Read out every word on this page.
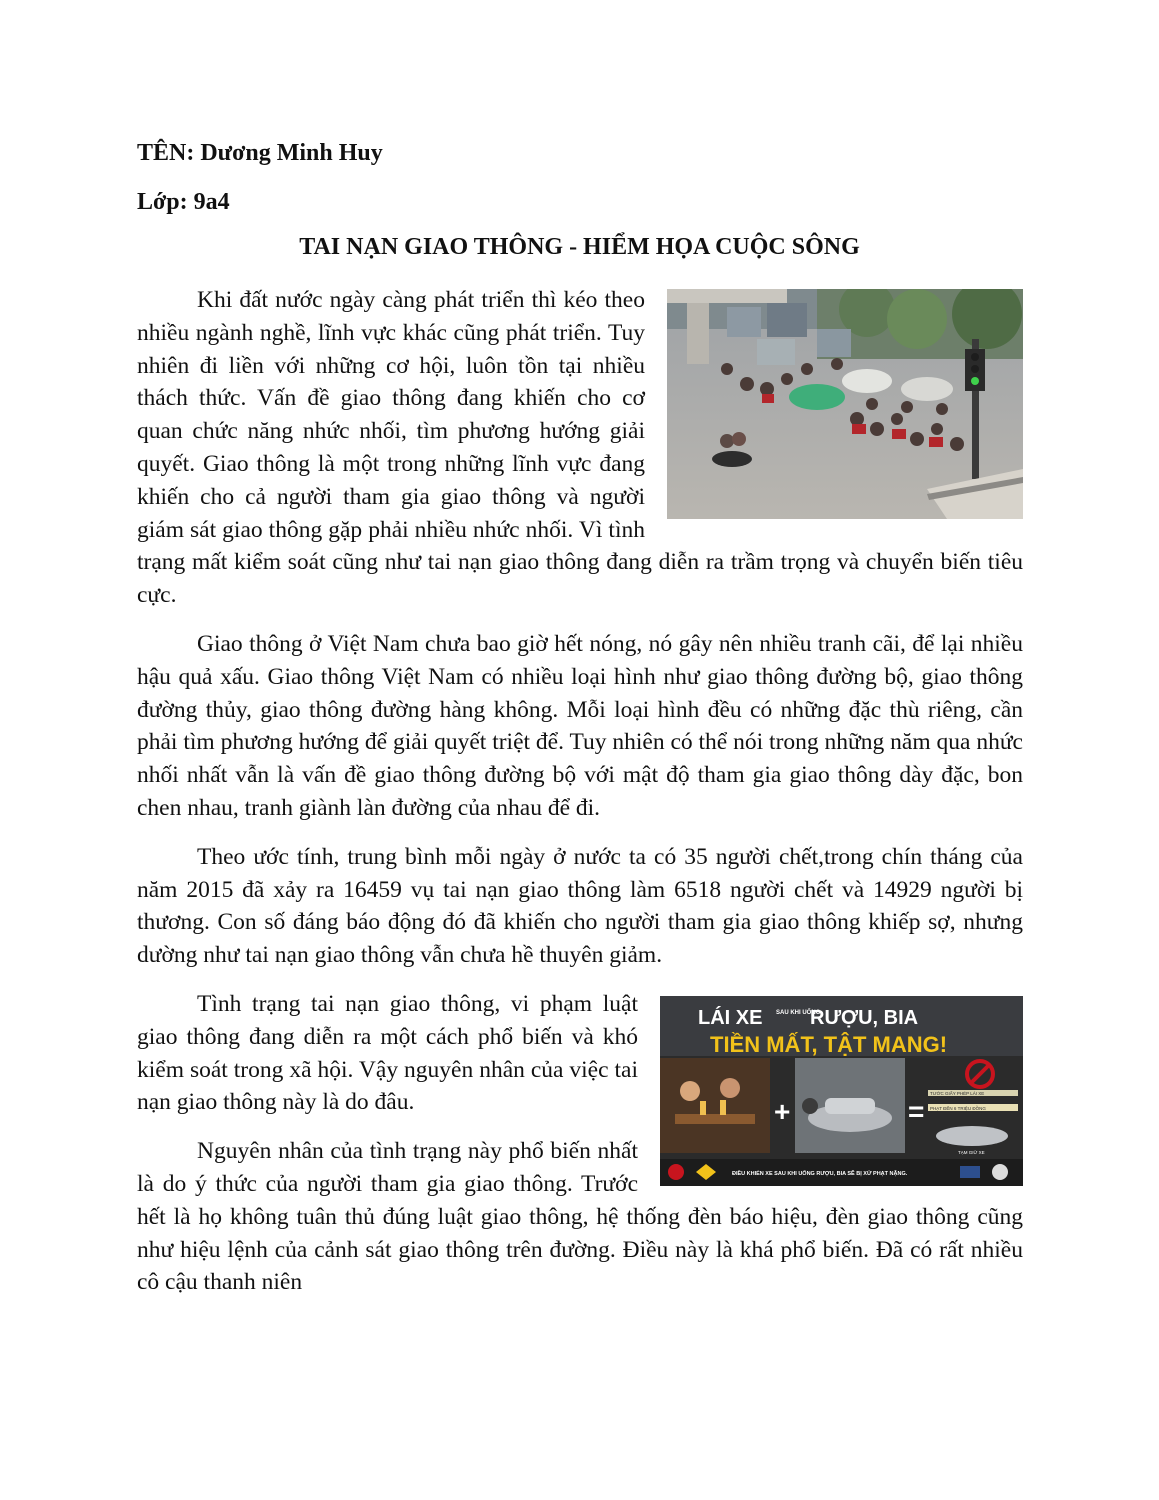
TÊN: Dương Minh Huy
Lớp: 9a4
TAI NẠN GIAO THÔNG - HIỂM HỌA CUỘC SÔNG

Khi đất nước ngày càng phát triển thì kéo theo nhiều ngành nghề, lĩnh vực khác cũng phát triển. Tuy nhiên đi liền với những cơ hội, luôn tồn tại nhiều thách thức. Vấn đề giao thông đang khiến cho cơ quan chức năng nhức nhối, tìm phương hướng giải quyết. Giao thông là một trong những lĩnh vực đang khiến cho cả người tham gia giao thông và người giám sát giao thông gặp phải nhiều nhức nhối. Vì tình trạng mất kiểm soát cũng như tai nạn giao thông đang diễn ra trầm trọng và chuyển biến tiêu cực.

Giao thông ở Việt Nam chưa bao giờ hết nóng, nó gây nên nhiều tranh cãi, để lại nhiều hậu quả xấu. Giao thông Việt Nam có nhiều loại hình như giao thông đường bộ, giao thông đường thủy, giao thông đường hàng không. Mỗi loại hình đều có những đặc thù riêng, cần phải tìm phương hướng để giải quyết triệt để. Tuy nhiên có thể nói trong những năm qua nhức nhối nhất vẫn là vấn đề giao thông đường bộ với mật độ tham gia giao thông dày đặc, bon chen nhau, tranh giành làn đường của nhau để đi.

Theo ước tính, trung bình mỗi ngày ở nước ta có 35 người chết,trong chín tháng của năm 2015 đã xảy ra 16459 vụ tai nạn giao thông làm 6518 người chết và 14929 người bị thương. Con số đáng báo động đó đã khiến cho người tham gia giao thông khiếp sợ, nhưng dường như tai nạn giao thông vẫn chưa hề thuyên giảm.

LÁI XE SAU KHI UỐNG
RƯỢU, BIA
TIỀN MẤT, TẬT MANG!
+	=
TƯỚC GIẤY PHÉP LÁI XE
PHẠT ĐẾN 6 TRIỆU ĐỒNG
TẠM GIỮ XE
ĐIỀU KHIỂN XE SAU KHI UỐNG RƯỢU, BIA SẼ BỊ XỬ PHẠT NẶNG.

Tình trạng tai nạn giao thông, vi phạm luật giao thông đang diễn ra một cách phổ biến và khó kiểm soát trong xã hội. Vậy nguyên nhân của việc tai nạn giao thông này là do đâu.

Nguyên nhân của tình trạng này phổ biến nhất là do ý thức của người tham gia giao thông. Trước hết là họ không tuân thủ đúng luật giao thông, hệ thống đèn báo hiệu, đèn giao thông cũng như hiệu lệnh của cảnh sát giao thông trên đường. Điều này là khá phổ biến. Đã có rất nhiều cô cậu thanh niên
